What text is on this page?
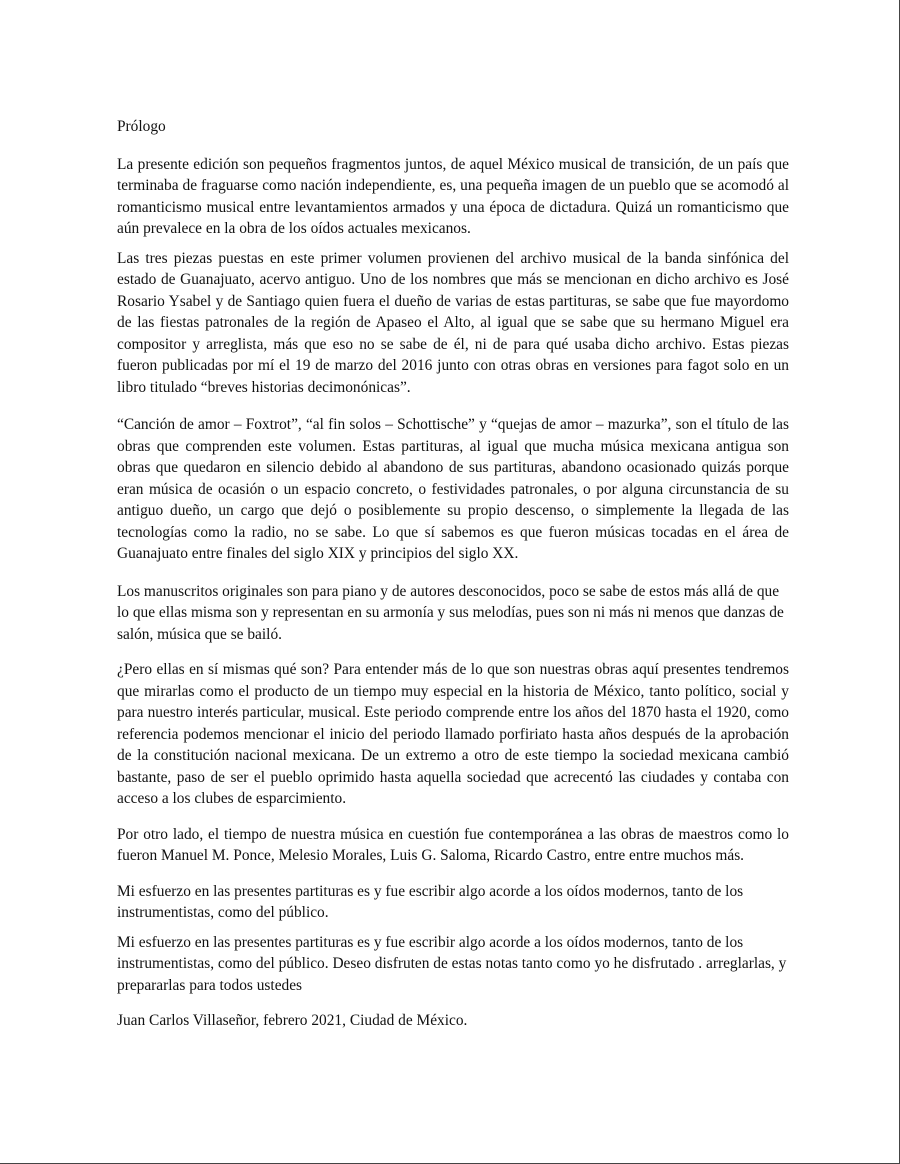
Prólogo

La presente edición son pequeños fragmentos juntos, de aquel México musical de transición, de un país que terminaba de fraguarse como nación independiente, es, una pequeña imagen de un pueblo que se acomodó al romanticismo musical entre levantamientos armados y una época de dictadura. Quizá un romanticismo que aún prevalece en la obra de los oídos actuales mexicanos.

Las tres piezas puestas en este primer volumen provienen del archivo musical de la banda sinfónica del estado de Guanajuato, acervo antiguo. Uno de los nombres que más se mencionan en dicho archivo es José Rosario Ysabel y de Santiago quien fuera el dueño de varias de estas partituras, se sabe que fue mayordomo de las fiestas patronales de la región de Apaseo el Alto, al igual que se sabe que su hermano Miguel era compositor y arreglista, más que eso no se sabe de él, ni de para qué usaba dicho archivo. Estas piezas fueron publicadas por mí el 19 de marzo del 2016 junto con otras obras en versiones para fagot solo en un libro titulado “breves historias decimonónicas”.

“Canción de amor – Foxtrot”, “al fin solos – Schottische” y “quejas de amor – mazurka”, son el título de las obras que comprenden este volumen. Estas partituras, al igual que mucha música mexicana antigua son obras que quedaron en silencio debido al abandono de sus partituras, abandono ocasionado quizás porque eran música de ocasión o un espacio concreto, o festividades patronales, o por alguna circunstancia de su antiguo dueño, un cargo que dejó o posiblemente su propio descenso, o simplemente la llegada de las tecnologías como la radio, no se sabe. Lo que sí sabemos es que fueron músicas tocadas en el área de Guanajuato entre finales del siglo XIX y principios del siglo XX.

Los manuscritos originales son para piano y de autores desconocidos, poco se sabe de estos más allá de que lo que ellas misma son y representan en su armonía y sus melodías, pues son ni más ni menos que danzas de salón, música que se bailó.

¿Pero ellas en sí mismas qué son? Para entender más de lo que son nuestras obras aquí presentes tendremos que mirarlas como el producto de un tiempo muy especial en la historia de México, tanto político, social y para nuestro interés particular, musical. Este periodo comprende entre los años del 1870 hasta el 1920, como referencia podemos mencionar el inicio del periodo llamado porfiriato hasta años después de la aprobación de la constitución nacional mexicana. De un extremo a otro de este tiempo la sociedad mexicana cambió bastante, paso de ser el pueblo oprimido hasta aquella sociedad que acrecentó las ciudades y contaba con acceso a los clubes de esparcimiento.

Por otro lado, el tiempo de nuestra música en cuestión fue contemporánea a las obras de maestros como lo fueron Manuel M. Ponce, Melesio Morales, Luis G. Saloma, Ricardo Castro, entre entre muchos más.

Mi esfuerzo en las presentes partituras es y fue escribir algo acorde a los oídos modernos, tanto de los instrumentistas, como del público.

Mi esfuerzo en las presentes partituras es y fue escribir algo acorde a los oídos modernos, tanto de los instrumentistas, como del público. Deseo disfruten de estas notas tanto como yo he disfrutado . arreglarlas, y prepararlas para todos ustedes

Juan Carlos Villaseñor, febrero 2021, Ciudad de México.
